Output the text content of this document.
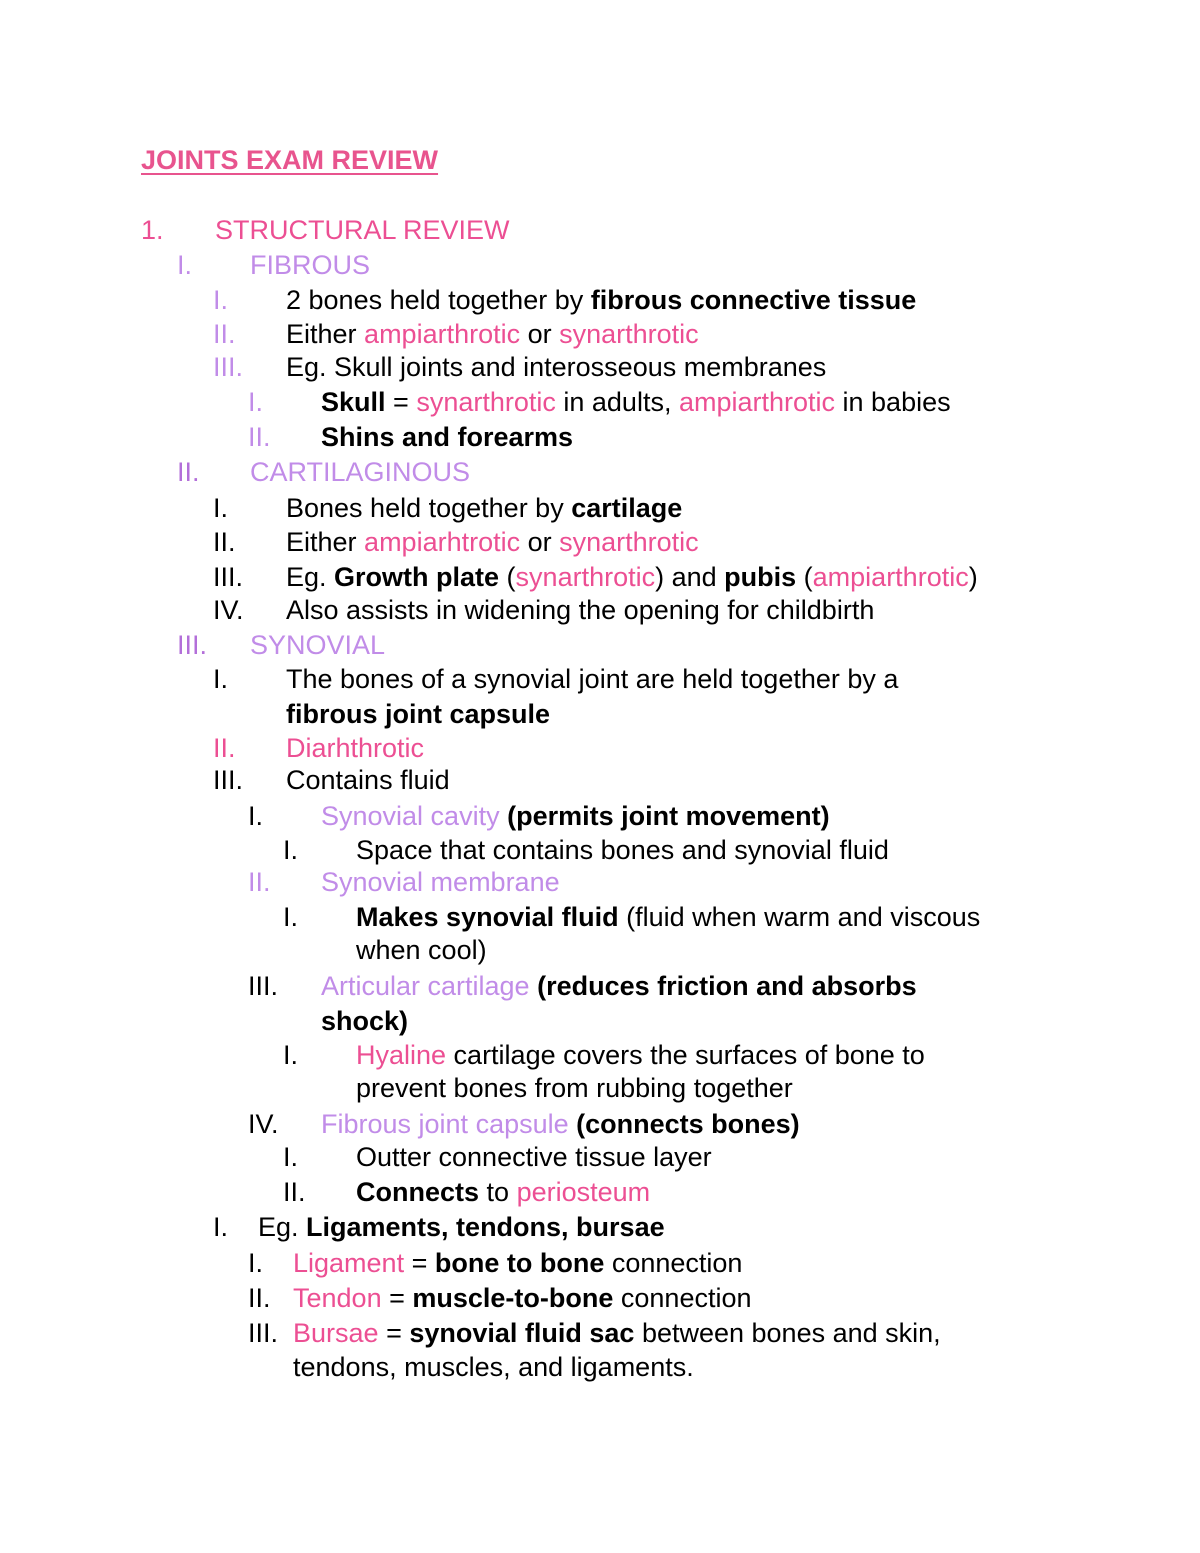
JOINTS EXAM REVIEW
1. STRUCTURAL REVIEW
I. FIBROUS
I. 2 bones held together by fibrous connective tissue
II. Either ampiarthrotic or synarthrotic
III. Eg. Skull joints and interosseous membranes
I. Skull = synarthrotic in adults, ampiarthrotic in babies
II. Shins and forearms
II. CARTILAGINOUS
I. Bones held together by cartilage
II. Either ampiarhtrotic or synarthrotic
III. Eg. Growth plate (synarthrotic) and pubis (ampiarthrotic)
IV. Also assists in widening the opening for childbirth
III. SYNOVIAL
I. The bones of a synovial joint are held together by a
fibrous joint capsule
II. Diarhthrotic
III. Contains fluid
I. Synovial cavity (permits joint movement)
I. Space that contains bones and synovial fluid
II. Synovial membrane
I. Makes synovial fluid (fluid when warm and viscous
when cool)
III. Articular cartilage (reduces friction and absorbs
shock)
I. Hyaline cartilage covers the surfaces of bone to
prevent bones from rubbing together
IV. Fibrous joint capsule (connects bones)
I. Outter connective tissue layer
II. Connects to periosteum
I. Eg. Ligaments, tendons, bursae
I. Ligament = bone to bone connection
II. Tendon = muscle-to-bone connection
III. Bursae = synovial fluid sac between bones and skin,
tendons, muscles, and ligaments.
